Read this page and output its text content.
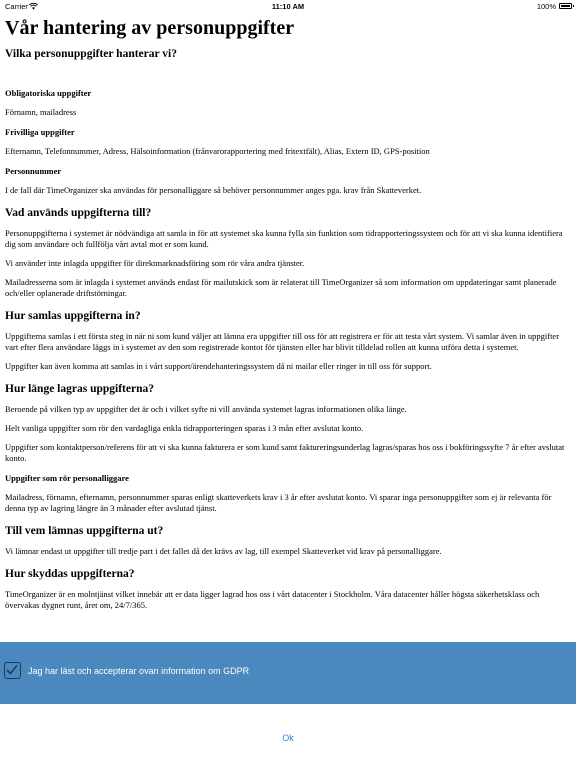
Carrier	11:10 AM	100%
Vår hantering av personuppgifter
Vilka personuppgifter hanterar vi?
Obligatoriska uppgifter

Förnamn, mailadress

Frivilliga uppgifter

Efternamn, Telefonnummer, Adress, Hälsoinformation (frånvarorapportering med fritextfält), Alias, Extern ID, GPS-position

Personnummer

I de fall där TimeOrganizer ska användas för personalliggare så behöver personnummer anges pga. krav från Skatteverket.

Vad används uppgifterna till?

Personuppgifterna i systemet är nödvändiga att samla in för att systemet ska kunna fylla sin funktion som tidrapporteringssystem och för att vi ska kunna identifiera dig som användare och fullfölja vårt avtal mot er som kund.

Vi använder inte inlagda uppgifter för direktmarknadsföring som rör våra andra tjänster.

Mailadresserna som är inlagda i systemet används endast för mailutskick som är relaterat till TimeOrganizer så som information om uppdateringar samt planerade och/eller oplanerade driftstörningar.

Hur samlas uppgifterna in?

Uppgifterna samlas i ett första steg in när ni som kund väljer att lämna era uppgifter till oss för att registrera er för att testa vårt system. Vi samlar även in uppgifter vart efter flera användare läggs in i systemet av den som registrerade kontot för tjänsten eller har blivit tilldelad rollen att kunna utföra detta i systemet.

Uppgifter kan även komma att samlas in i vårt support/ärendehanteringssystem då ni mailar eller ringer in till oss för support.

Hur länge lagras uppgifterna?

Beroende på vilken typ av uppgifter det är och i vilket syfte ni vill använda systemet lagras informationen olika länge.

Helt vanliga uppgifter som rör den vardagliga enkla tidrapporteringen sparas i 3 mån efter avslutat konto.

Uppgifter som kontaktperson/referens för att vi ska kunna fakturera er som kund samt faktureringsunderlag lagras/sparas hos oss i bokföringssyfte 7 år efter avslutat konto.

Uppgifter som rör personalliggare

Mailadress, förnamn, efternamn, personnummer sparas enligt skatteverkets krav i 3 år efter avslutat konto. Vi sparar inga personuppgifter som ej är relevanta för denna typ av lagring längre än 3 månader efter avslutad tjänst.

Till vem lämnas uppgifterna ut?

Vi lämnar endast ut uppgifter till tredje part i det fallet då det krävs av lag, till exempel Skatteverket vid krav på personalliggare.

Hur skyddas uppgifterna?

TimeOrganizer är en molntjänst vilket innebär att er data ligger lagrad hos oss i vårt datacenter i Stockholm. Våra datacenter håller högsta säkerhetsklass och övervakas dygnet runt, året om, 24/7/365.

Jag har läst och accepterar ovan information om GDPR
Ok
